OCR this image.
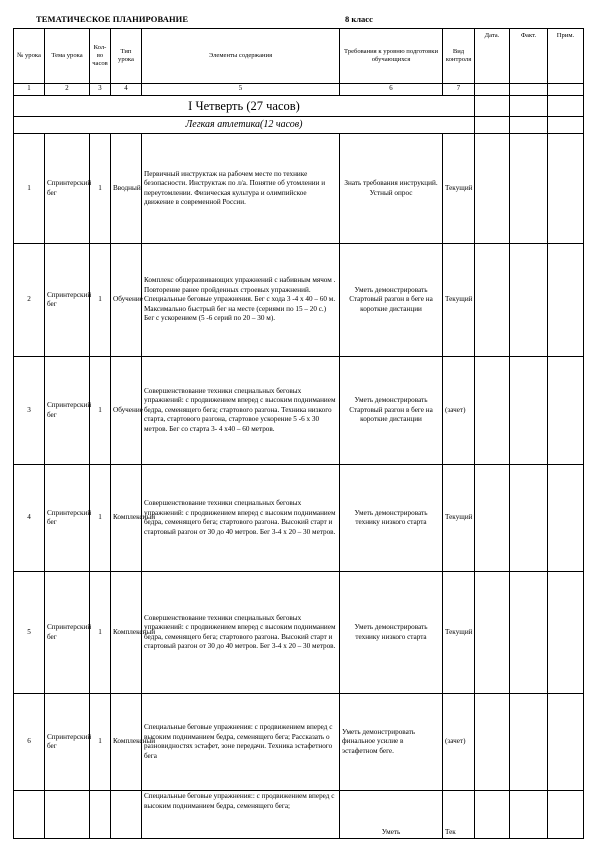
ТЕМАТИЧЕСКОЕ ПЛАНИРОВАНИЕ	8 класс
№ урока	Тема урока	Кол-во часов	Тип урока	Элементы содержания	Требования к уровню подготовки обучающихся	Вид контроля	Дата.	Факт.	Прим.
1	2	3	4	5	6	7			
I Четверть (27 часов)									
Легкая атлетика(12 часов)									
1	Спринтерский бег	1	Вводный	Первичный инструктаж на рабочем месте по технике безопасности. Инструктаж по л/а. Понятие об утомлении и переутомлении. Физическая культура и олимпийское движение в современной России.	Знать требования инструкций. Устный опрос	Текущий			
2	Спринтерский бег	1	Обучение	Комплекс общеразвивающих упражнений с набивным мячом . Повторение ранее пройденных строевых упражнений. Специальные беговые упражнения. Бег с хода 3 -4 х 40 – 60 м. Максимально быстрый бег на месте (сериями по 15 – 20 с.) Бег с ускорением (5 -6 серий по 20 – 30 м).	Уметь демонстрировать Стартовый разгон в беге на короткие дистанции	Текущий			
3	Спринтерский бег	1	Обучение	Совершенствование техники специальных беговых упражнений: с продвижением вперед с высоким подниманием бедра, семенящего бега; стартового разгона. Техника низкого старта, стартового разгона, стартовое ускорение 5 -6 х 30 метров. Бег со старта 3- 4 х40 – 60 метров.	Уметь демонстрировать Стартовый разгон в беге на короткие дистанции	(зачет)			
4	Спринтерский бег	1	Комплексный	Совершенствование техники специальных беговых упражнений: с продвижением вперед с высоким подниманием бедра, семенящего бега; стартового разгона. Высокий старт и стартовый разгон от 30 до 40 метров. Бег 3-4 х 20 – 30 метров.	Уметь демонстрировать технику низкого старта	Текущий			
5	Спринтерский бег	1	Комплексный	Совершенствование техники специальных беговых упражнений: с продвижением вперед с высоким подниманием бедра, семенящего бега; стартового разгона. Высокий старт и стартовый разгон от 30 до 40 метров. Бег 3-4 х 20 – 30 метров.	Уметь демонстрировать технику низкого старта	Текущий			
6	Спринтерский бег	1	Комплексный	Специальные беговые упражнения: с продвижением вперед с высоким подниманием бедра, семенящего бега; Рассказать о разновидностях эстафет, зоне передачи. Техника эстафетного бега	Уметь демонстрировать финальное усилие в эстафетном беге.	(зачет)			
				Специальные беговые упражнения:: с продвижением вперед с высоким подниманием бедра, семенящего бега;	Уметь	Тек			
